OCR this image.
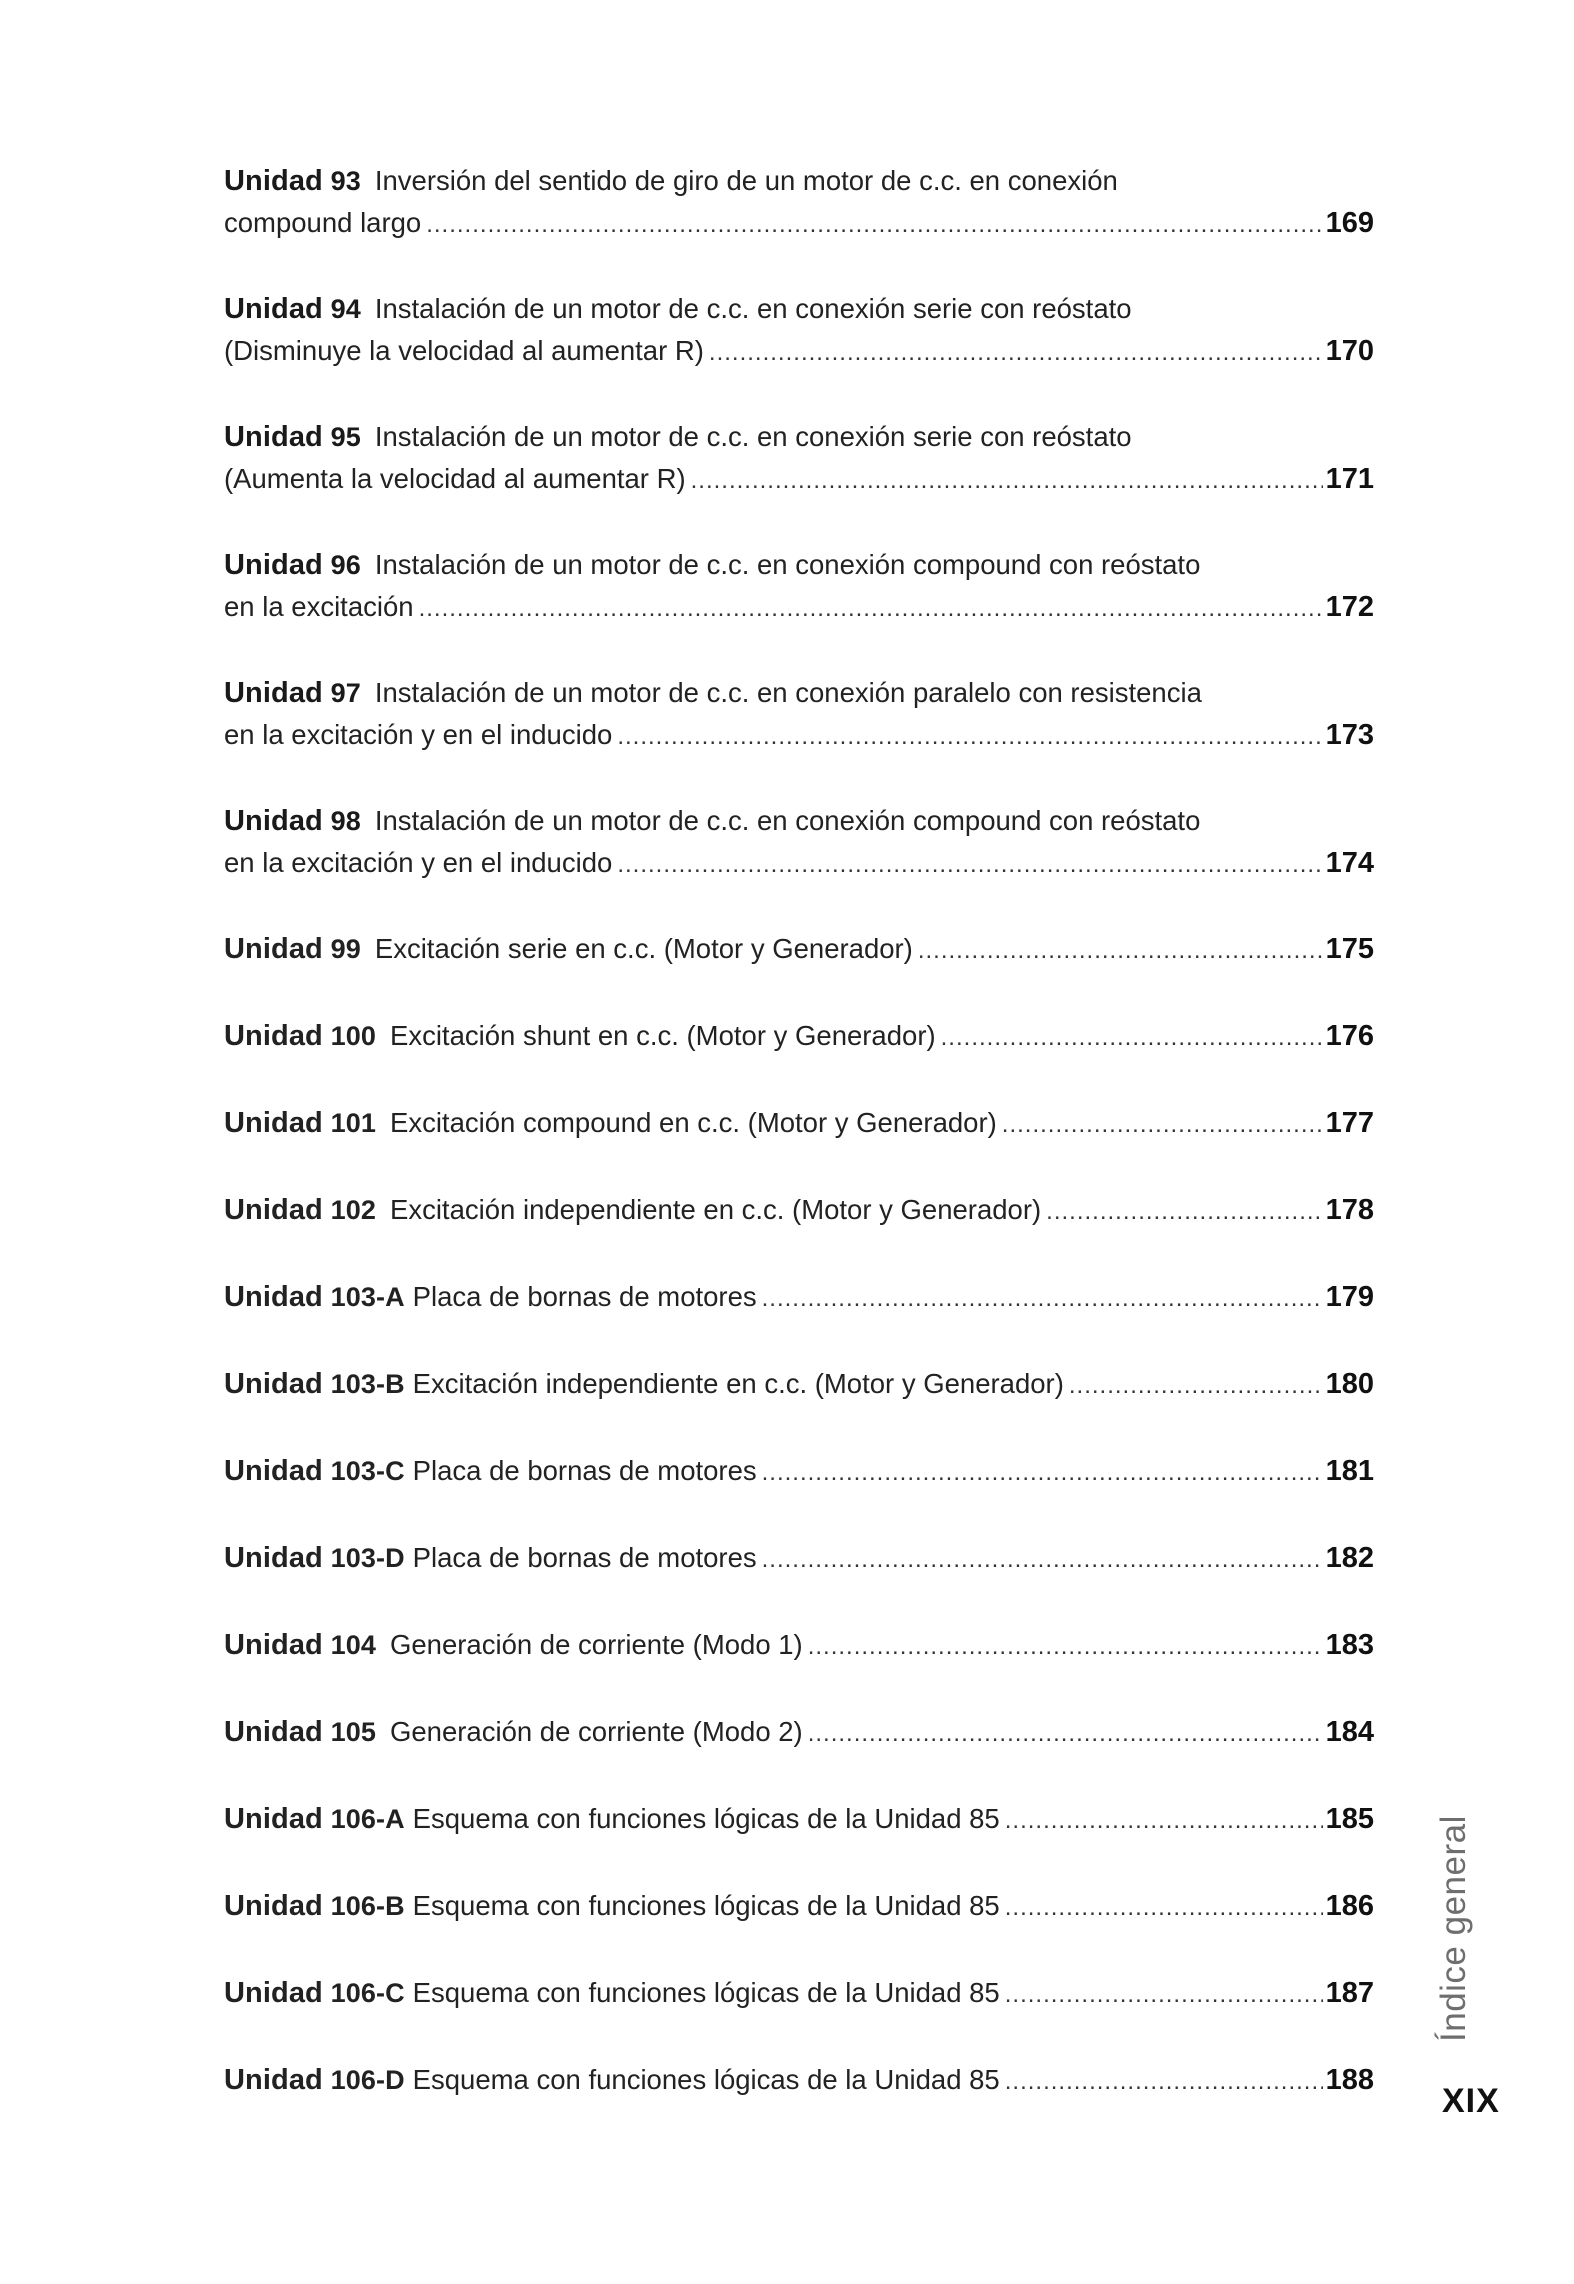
Unidad 93 Inversión del sentido de giro de un motor de c.c. en conexión
compound largo .....	169
Unidad 94 Instalación de un motor de c.c. en conexión serie con reóstato
(Disminuye la velocidad al aumentar R) .....	170
Unidad 95 Instalación de un motor de c.c. en conexión serie con reóstato
(Aumenta la velocidad al aumentar R) .....	171
Unidad 96 Instalación de un motor de c.c. en conexión compound con reóstato
en la excitación .....	172
Unidad 97 Instalación de un motor de c.c. en conexión paralelo con resistencia
en la excitación y en el inducido .....	173
Unidad 98 Instalación de un motor de c.c. en conexión compound con reóstato
en la excitación y en el inducido .....	174
Unidad 99 Excitación serie en c.c. (Motor y Generador) .....	175
Unidad 100 Excitación shunt en c.c. (Motor y Generador) .....	176
Unidad 101 Excitación compound en c.c. (Motor y Generador) .....	177
Unidad 102 Excitación independiente en c.c. (Motor y Generador) .....	178
Unidad 103-A Placa de bornas de motores .....	179
Unidad 103-B Excitación independiente en c.c. (Motor y Generador) .....	180
Unidad 103-C Placa de bornas de motores .....	181
Unidad 103-D Placa de bornas de motores .....	182
Unidad 104 Generación de corriente (Modo 1) .....	183
Unidad 105 Generación de corriente (Modo 2) .....	184
Unidad 106-A Esquema con funciones lógicas de la Unidad 85 .....	185
Unidad 106-B Esquema con funciones lógicas de la Unidad 85 .....	186
Unidad 106-C Esquema con funciones lógicas de la Unidad 85 .....	187
Unidad 106-D Esquema con funciones lógicas de la Unidad 85 .....	188
Índice general
XIX
